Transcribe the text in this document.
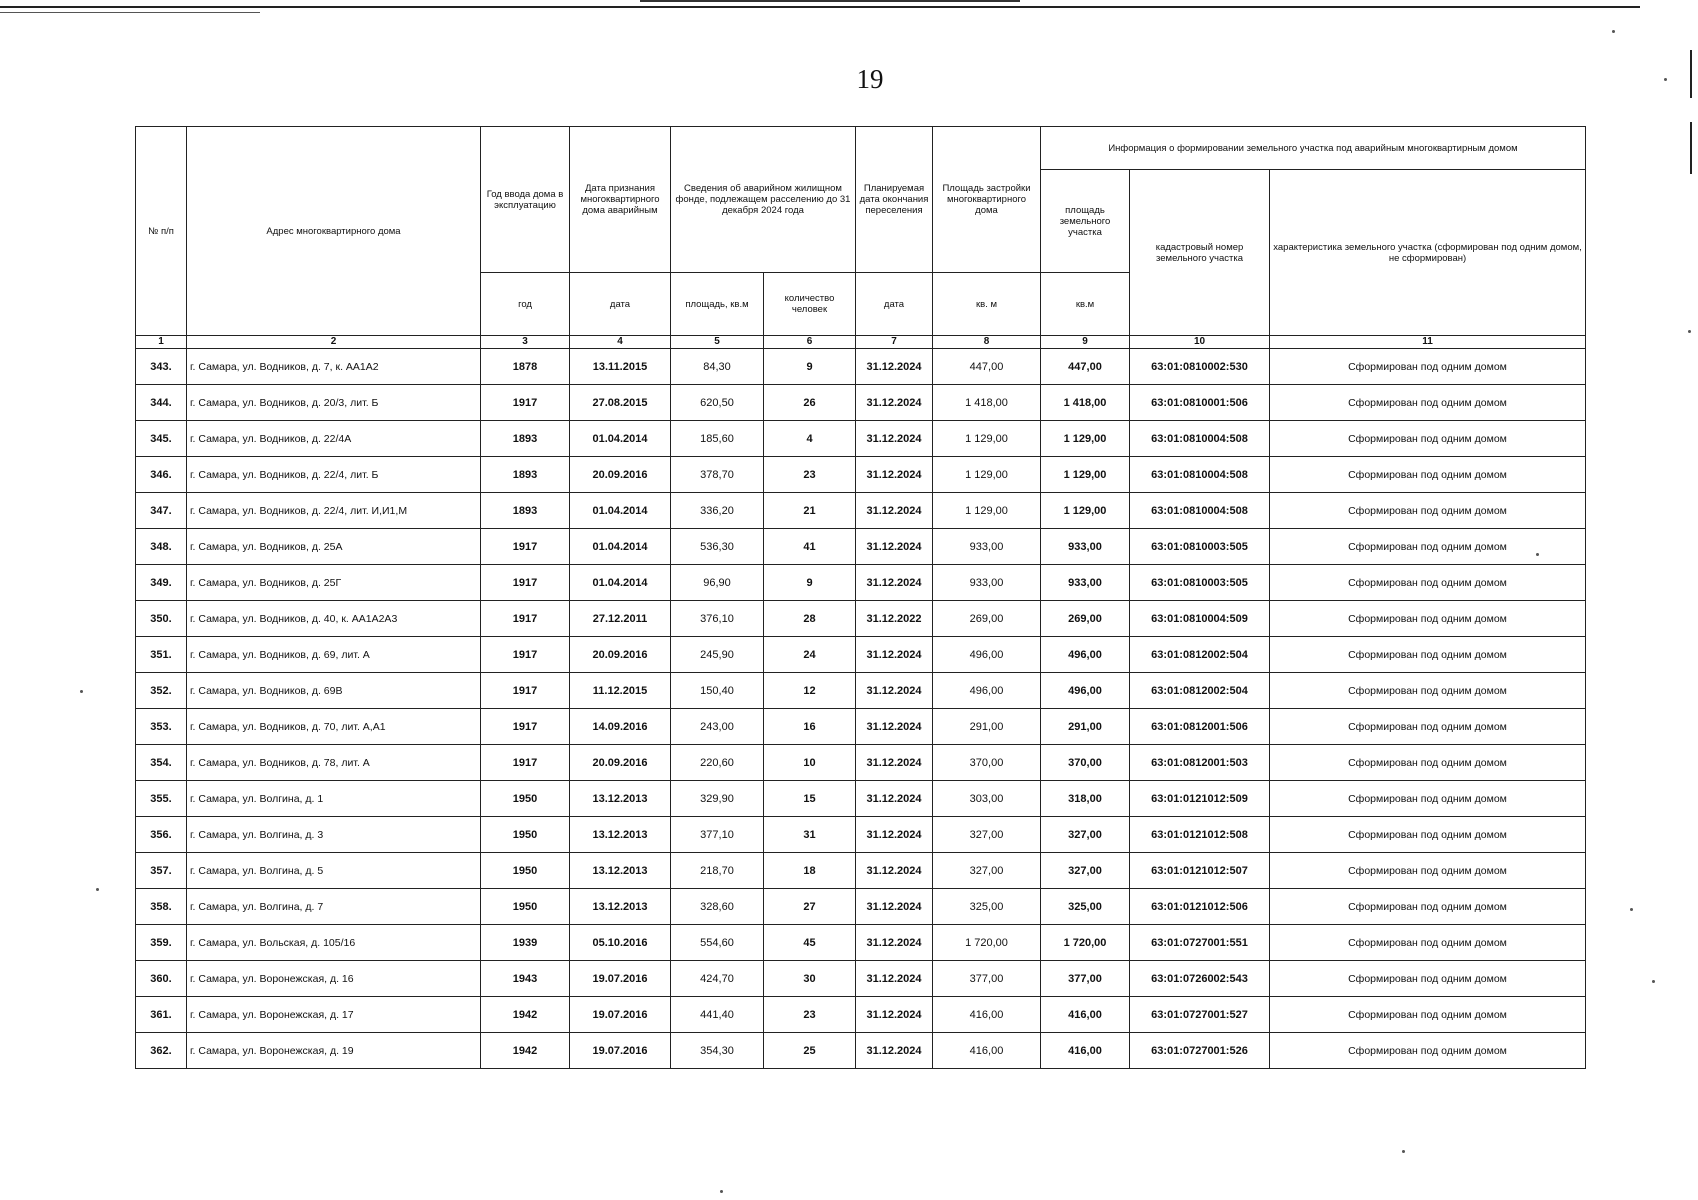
19
№ п/п	Адрес многоквартирного дома	Год ввода дома в эксплуатацию	Дата признания многоквартирного дома аварийным	Сведения об аварийном жилищном фонде, подлежащем расселению до 31 декабря 2024 года		Планируемая дата окончания переселения	Площадь застройки многоквартирного дома	Информация о формировании земельного участка под аварийным многоквартирным домом		
								площадь земельного участка	кадастровый номер земельного участка	характеристика земельного участка (сформирован под одним домом, не сформирован)
		год	дата	площадь, кв.м	количество человек	дата	кв. м	кв.м		
1	2	3	4	5	6	7	8	9	10	11
343.	г. Самара, ул. Водников, д. 7, к. АА1А2	1878	13.11.2015	84,30	9	31.12.2024	447,00	447,00	63:01:0810002:530	Сформирован под одним домом
344.	г. Самара, ул. Водников, д. 20/3, лит. Б	1917	27.08.2015	620,50	26	31.12.2024	1 418,00	1 418,00	63:01:0810001:506	Сформирован под одним домом
345.	г. Самара, ул. Водников, д. 22/4А	1893	01.04.2014	185,60	4	31.12.2024	1 129,00	1 129,00	63:01:0810004:508	Сформирован под одним домом
346.	г. Самара, ул. Водников, д. 22/4, лит. Б	1893	20.09.2016	378,70	23	31.12.2024	1 129,00	1 129,00	63:01:0810004:508	Сформирован под одним домом
347.	г. Самара, ул. Водников, д. 22/4, лит. И,И1,М	1893	01.04.2014	336,20	21	31.12.2024	1 129,00	1 129,00	63:01:0810004:508	Сформирован под одним домом
348.	г. Самара, ул. Водников, д. 25А	1917	01.04.2014	536,30	41	31.12.2024	933,00	933,00	63:01:0810003:505	Сформирован под одним домом
349.	г. Самара, ул. Водников, д. 25Г	1917	01.04.2014	96,90	9	31.12.2024	933,00	933,00	63:01:0810003:505	Сформирован под одним домом
350.	г. Самара, ул. Водников, д. 40, к. АА1А2А3	1917	27.12.2011	376,10	28	31.12.2022	269,00	269,00	63:01:0810004:509	Сформирован под одним домом
351.	г. Самара, ул. Водников, д. 69, лит. А	1917	20.09.2016	245,90	24	31.12.2024	496,00	496,00	63:01:0812002:504	Сформирован под одним домом
352.	г. Самара, ул. Водников, д. 69В	1917	11.12.2015	150,40	12	31.12.2024	496,00	496,00	63:01:0812002:504	Сформирован под одним домом
353.	г. Самара, ул. Водников, д. 70, лит. А,А1	1917	14.09.2016	243,00	16	31.12.2024	291,00	291,00	63:01:0812001:506	Сформирован под одним домом
354.	г. Самара, ул. Водников, д. 78, лит. А	1917	20.09.2016	220,60	10	31.12.2024	370,00	370,00	63:01:0812001:503	Сформирован под одним домом
355.	г. Самара, ул. Волгина, д. 1	1950	13.12.2013	329,90	15	31.12.2024	303,00	318,00	63:01:0121012:509	Сформирован под одним домом
356.	г. Самара, ул. Волгина, д. 3	1950	13.12.2013	377,10	31	31.12.2024	327,00	327,00	63:01:0121012:508	Сформирован под одним домом
357.	г. Самара, ул. Волгина, д. 5	1950	13.12.2013	218,70	18	31.12.2024	327,00	327,00	63:01:0121012:507	Сформирован под одним домом
358.	г. Самара, ул. Волгина, д. 7	1950	13.12.2013	328,60	27	31.12.2024	325,00	325,00	63:01:0121012:506	Сформирован под одним домом
359.	г. Самара, ул. Вольская, д. 105/16	1939	05.10.2016	554,60	45	31.12.2024	1 720,00	1 720,00	63:01:0727001:551	Сформирован под одним домом
360.	г. Самара, ул. Воронежская, д. 16	1943	19.07.2016	424,70	30	31.12.2024	377,00	377,00	63:01:0726002:543	Сформирован под одним домом
361.	г. Самара, ул. Воронежская, д. 17	1942	19.07.2016	441,40	23	31.12.2024	416,00	416,00	63:01:0727001:527	Сформирован под одним домом
362.	г. Самара, ул. Воронежская, д. 19	1942	19.07.2016	354,30	25	31.12.2024	416,00	416,00	63:01:0727001:526	Сформирован под одним домом
